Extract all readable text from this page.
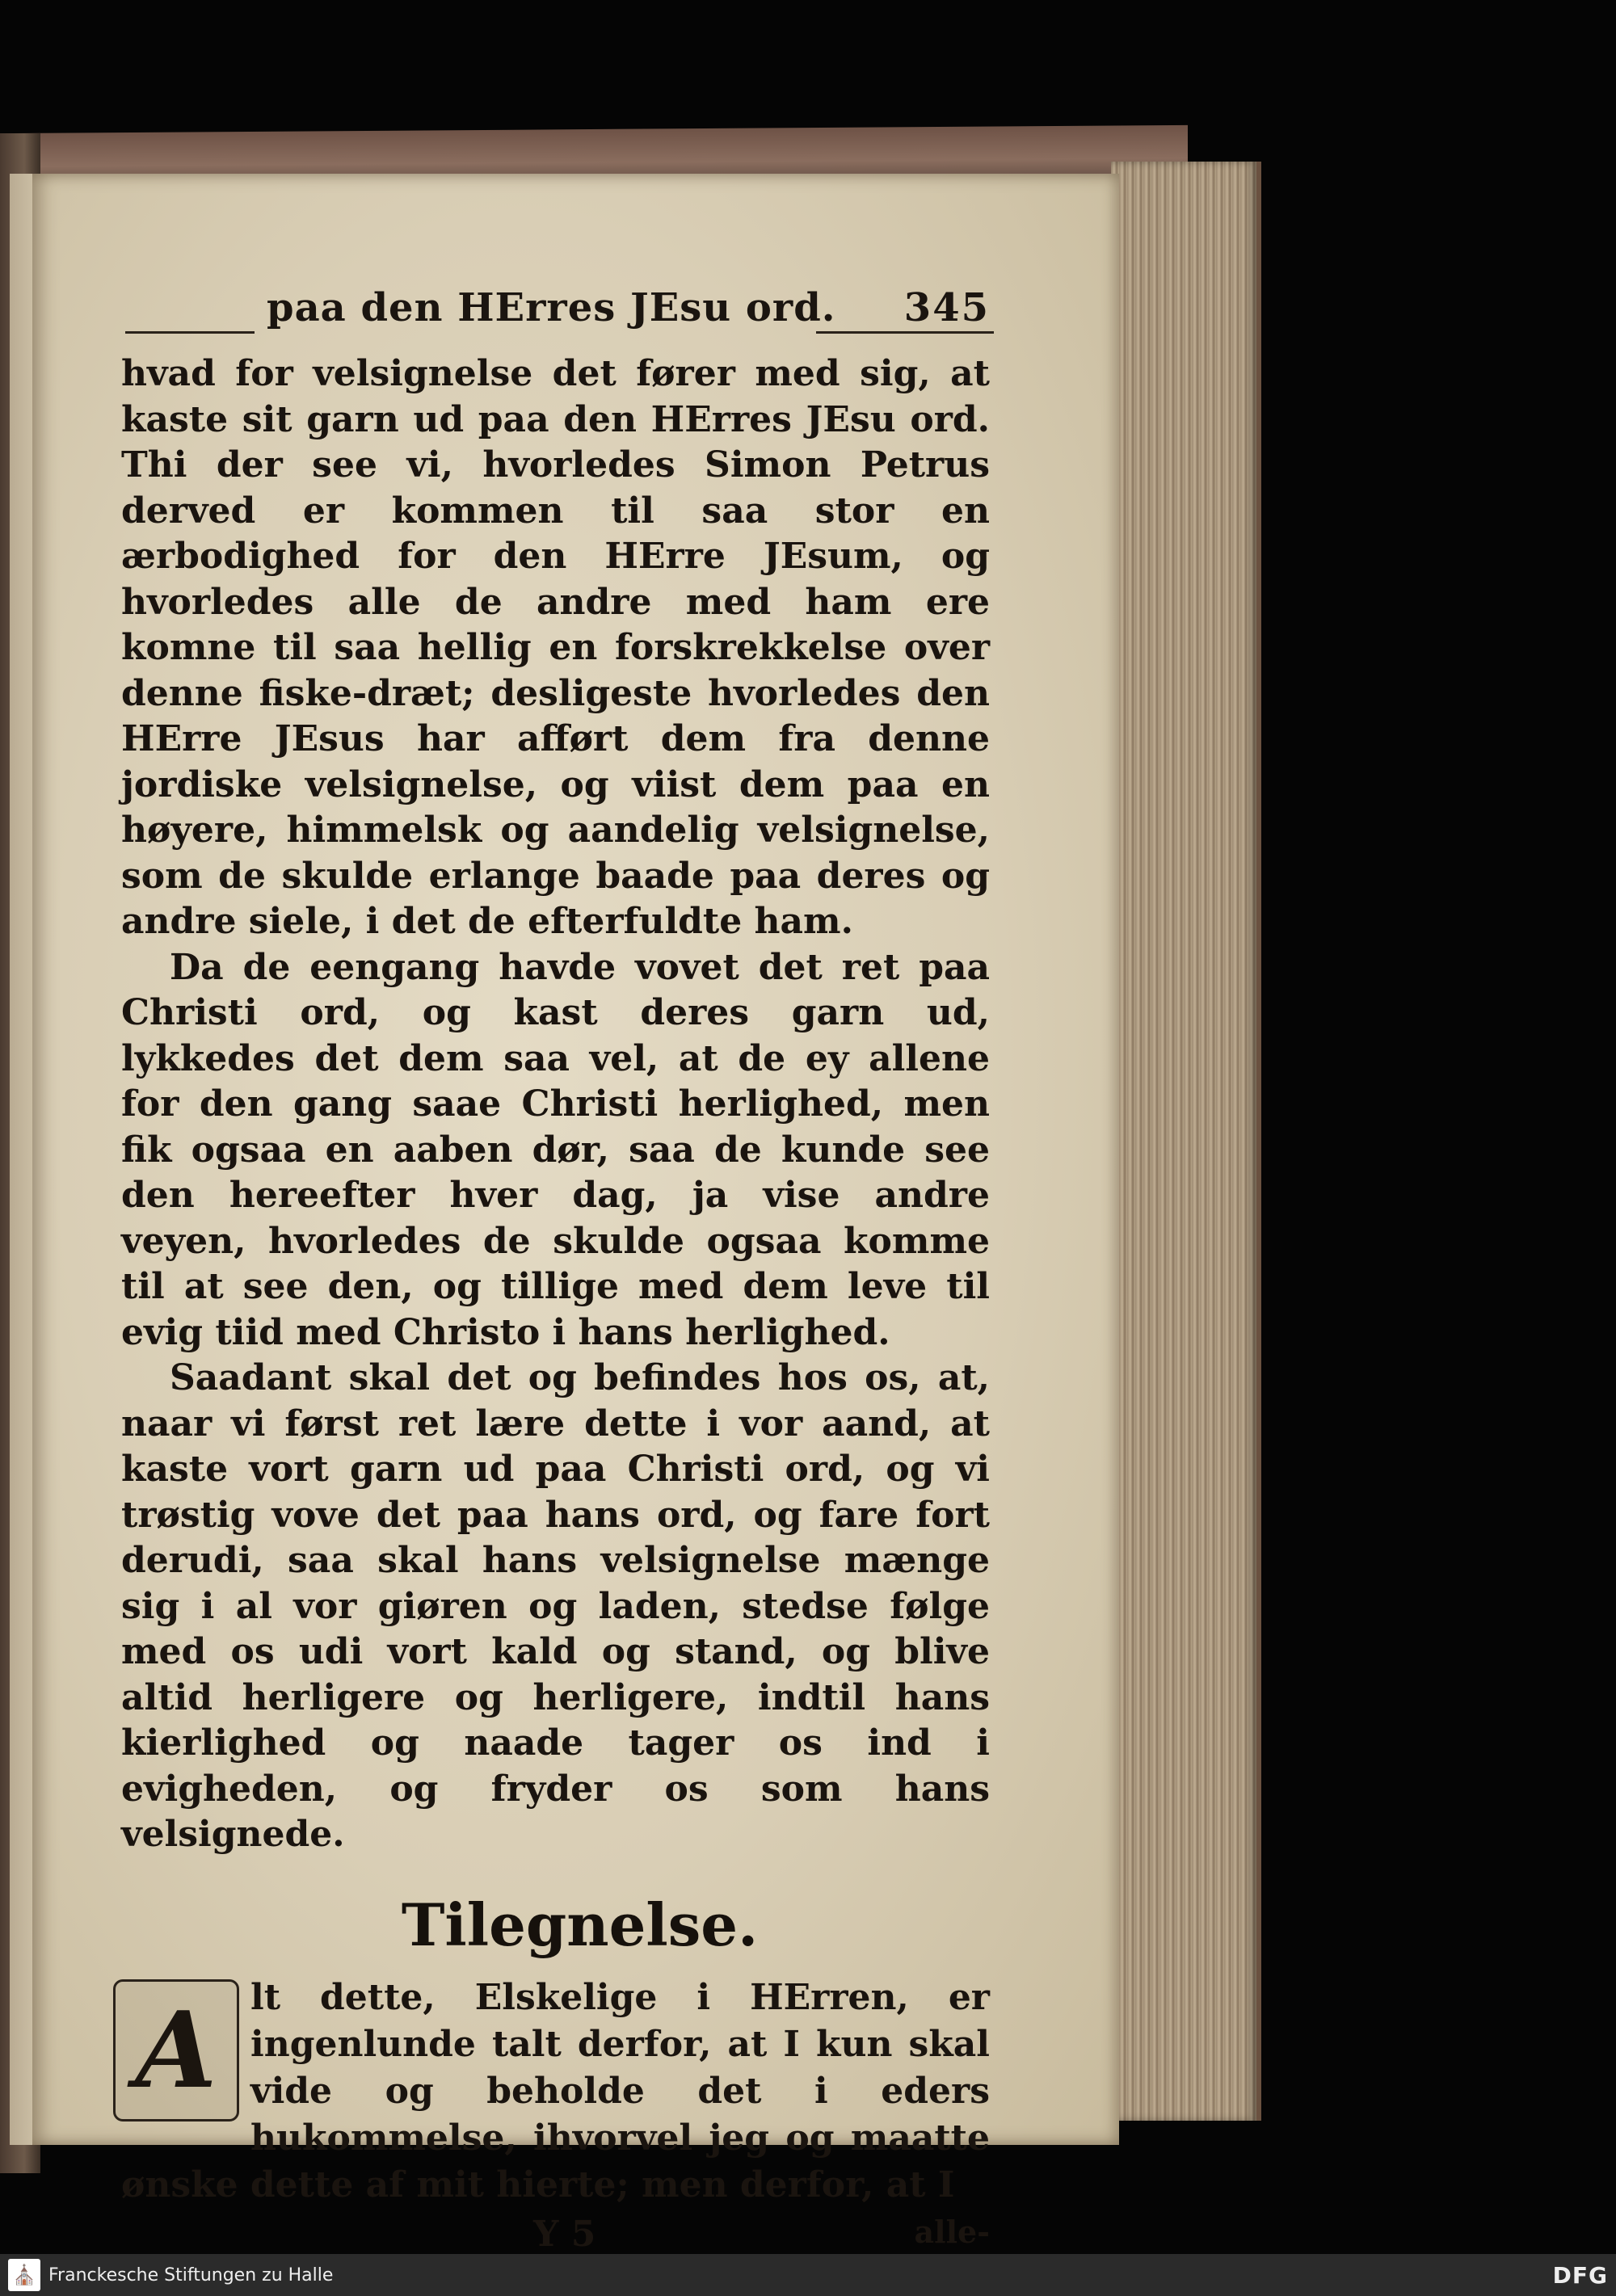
paa den HErres JEsu ord. 345

hvad for velsignelse det fører med sig, at kaste sit garn ud paa den HErres JEsu ord. Thi der see vi, hvorledes Simon Petrus derved er kommen til saa stor en ærbodighed for den HErre JEsum, og hvorledes alle de andre med ham ere komne til saa hellig en forskrekkelse over denne fiske-dræt; desligeste hvorledes den HErre JEsus har afført dem fra denne jordiske velsignelse, og viist dem paa en høyere, himmelsk og aandelig velsignelse, som de skulde erlange baade paa deres og andre siele, i det de efterfuldte ham.

Da de eengang havde vovet det ret paa Christi ord, og kast deres garn ud, lykkedes det dem saa vel, at de ey allene for den gang saae Christi herlighed, men fik ogsaa en aaben dør, saa de kunde see den hereefter hver dag, ja vise andre veyen, hvorledes de skulde ogsaa komme til at see den, og tillige med dem leve til evig tiid med Christo i hans herlighed.

Saadant skal det og befindes hos os, at, naar vi først ret lære dette i vor aand, at kaste vort garn ud paa Christi ord, og vi trøstig vove det paa hans ord, og fare fort derudi, saa skal hans velsignelse mænge sig i al vor giøren og laden, stedse følge med os udi vort kald og stand, og blive altid herligere og herligere, indtil hans kierlighed og naade tager os ind i evigheden, og fryder os som hans velsignede.

Tilegnelse.
A lt dette, Elskelige i HErren, er ingenlunde talt derfor, at I kun skal vide og beholde det i eders hukommelse, ihvorvel jeg og maatte ønske dette af mit hierte; men derfor, at I
Y 5	alle-
⛪ Franckesche Stiftungen zu Halle	DFG
